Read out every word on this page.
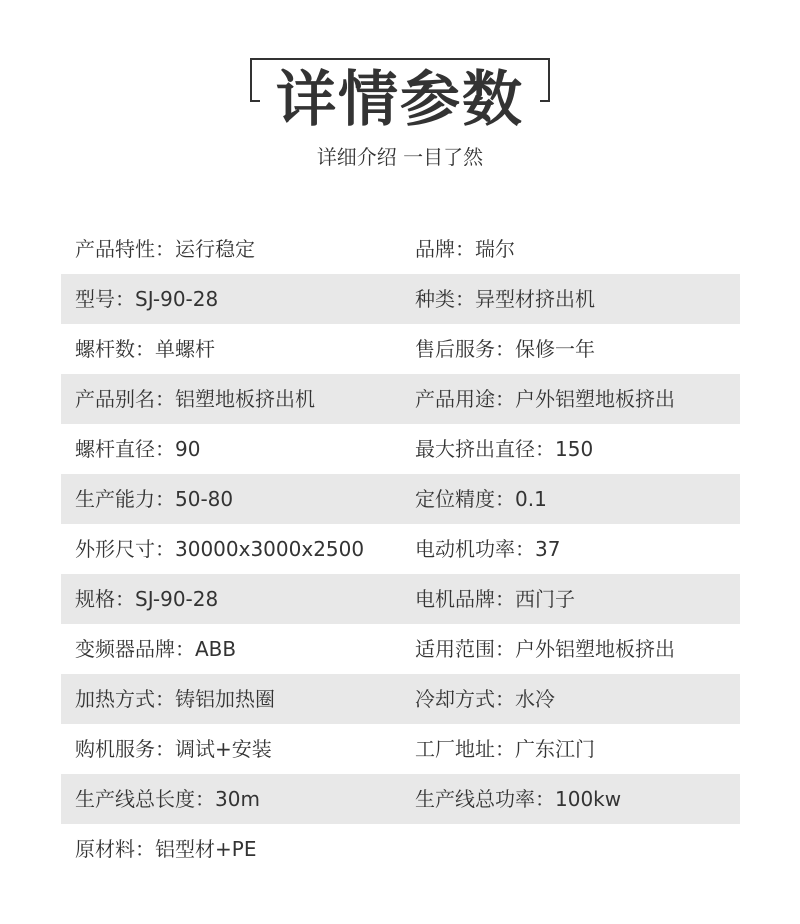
详情参数
详细介绍 一目了然
产品特性：运行稳定	品牌：瑞尔
型号：SJ-90-28	种类：异型材挤出机
螺杆数：单螺杆	售后服务：保修一年
产品别名：铝塑地板挤出机	产品用途：户外铝塑地板挤出
螺杆直径：90	最大挤出直径：150
生产能力：50-80	定位精度：0.1
外形尺寸：30000x3000x2500	电动机功率：37
规格：SJ-90-28	电机品牌：西门子
变频器品牌：ABB	适用范围：户外铝塑地板挤出
加热方式：铸铝加热圈	冷却方式：水冷
购机服务：调试+安装	工厂地址：广东江门
生产线总长度：30m	生产线总功率：100kw
原材料：铝型材+PE
